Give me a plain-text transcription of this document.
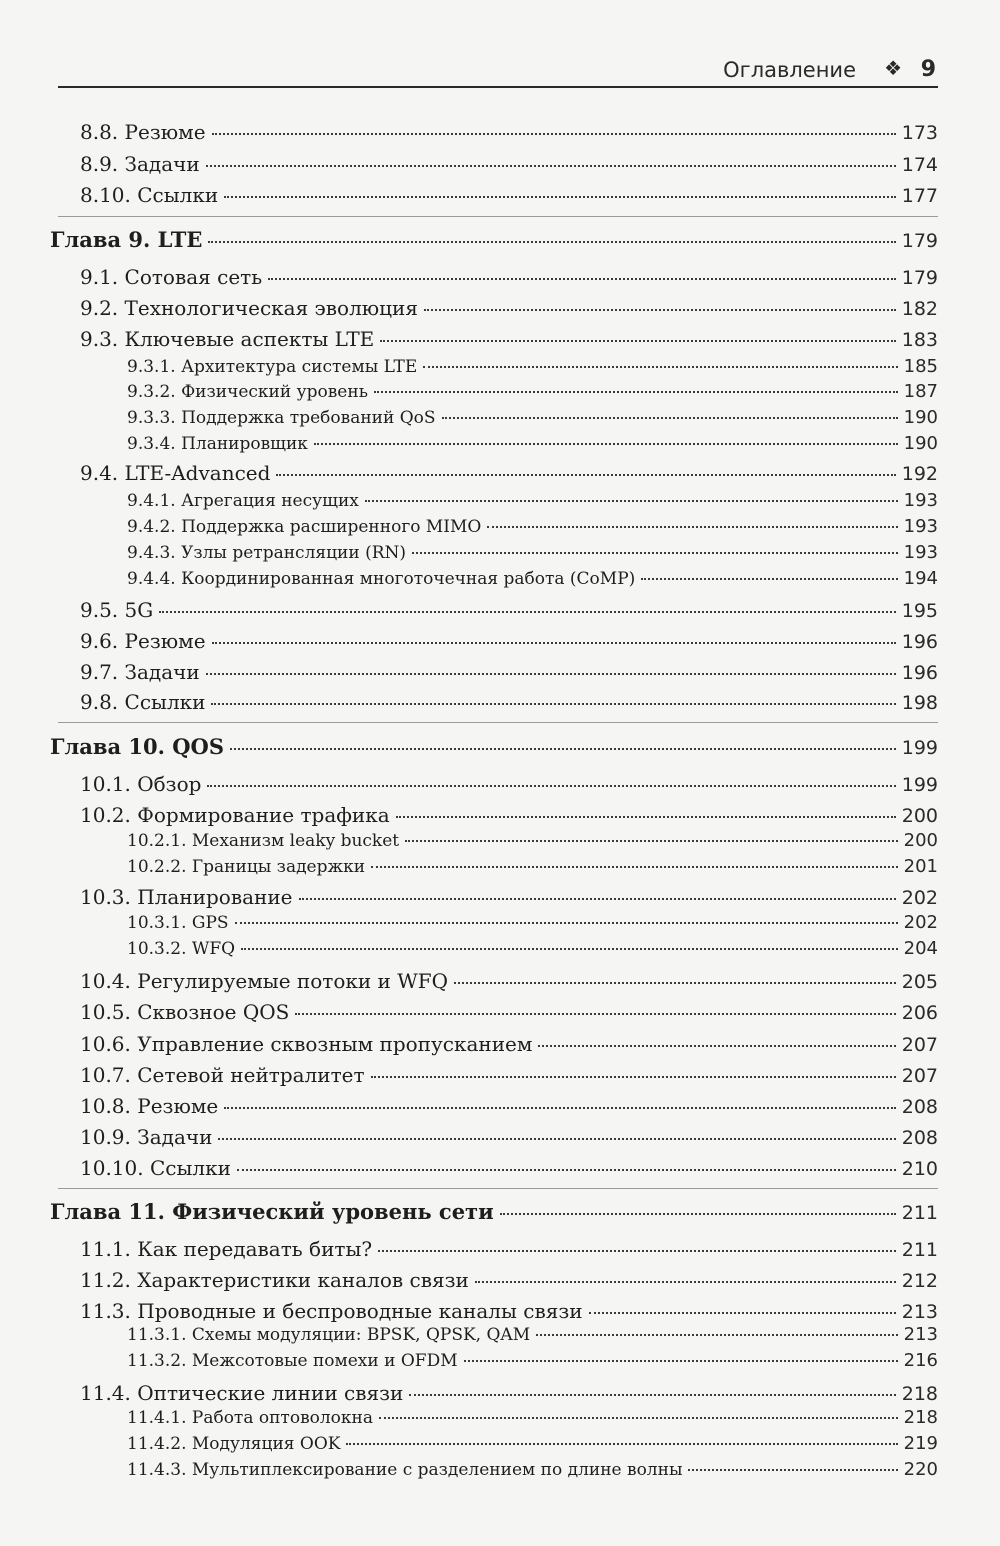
Оглавление ❖ 9
8.8. Резюме	173
8.9. Задачи	174
8.10. Ссылки	177
Глава 9. LTE	179
9.1. Сотовая сеть	179
9.2. Технологическая эволюция	182
9.3. Ключевые аспекты LTE	183
9.3.1. Архитектура системы LTE	185
9.3.2. Физический уровень	187
9.3.3. Поддержка требований QoS	190
9.3.4. Планировщик	190
9.4. LTE-Advanced	192
9.4.1. Агрегация несущих	193
9.4.2. Поддержка расширенного MIMO	193
9.4.3. Узлы ретрансляции (RN)	193
9.4.4. Координированная многоточечная работа (CoMP)	194
9.5. 5G	195
9.6. Резюме	196
9.7. Задачи	196
9.8. Ссылки	198
Глава 10. QOS	199
10.1. Обзор	199
10.2. Формирование трафика	200
10.2.1. Механизм leaky bucket	200
10.2.2. Границы задержки	201
10.3. Планирование	202
10.3.1. GPS	202
10.3.2. WFQ	204
10.4. Регулируемые потоки и WFQ	205
10.5. Сквозное QOS	206
10.6. Управление сквозным пропусканием	207
10.7. Сетевой нейтралитет	207
10.8. Резюме	208
10.9. Задачи	208
10.10. Ссылки	210
Глава 11. Физический уровень сети	211
11.1. Как передавать биты?	211
11.2. Характеристики каналов связи	212
11.3. Проводные и беспроводные каналы связи	213
11.3.1. Схемы модуляции: BPSK, QPSK, QAM	213
11.3.2. Межсотовые помехи и OFDM	216
11.4. Оптические линии связи	218
11.4.1. Работа оптоволокна	218
11.4.2. Модуляция OOK	219
11.4.3. Мультиплексирование с разделением по длине волны	220
